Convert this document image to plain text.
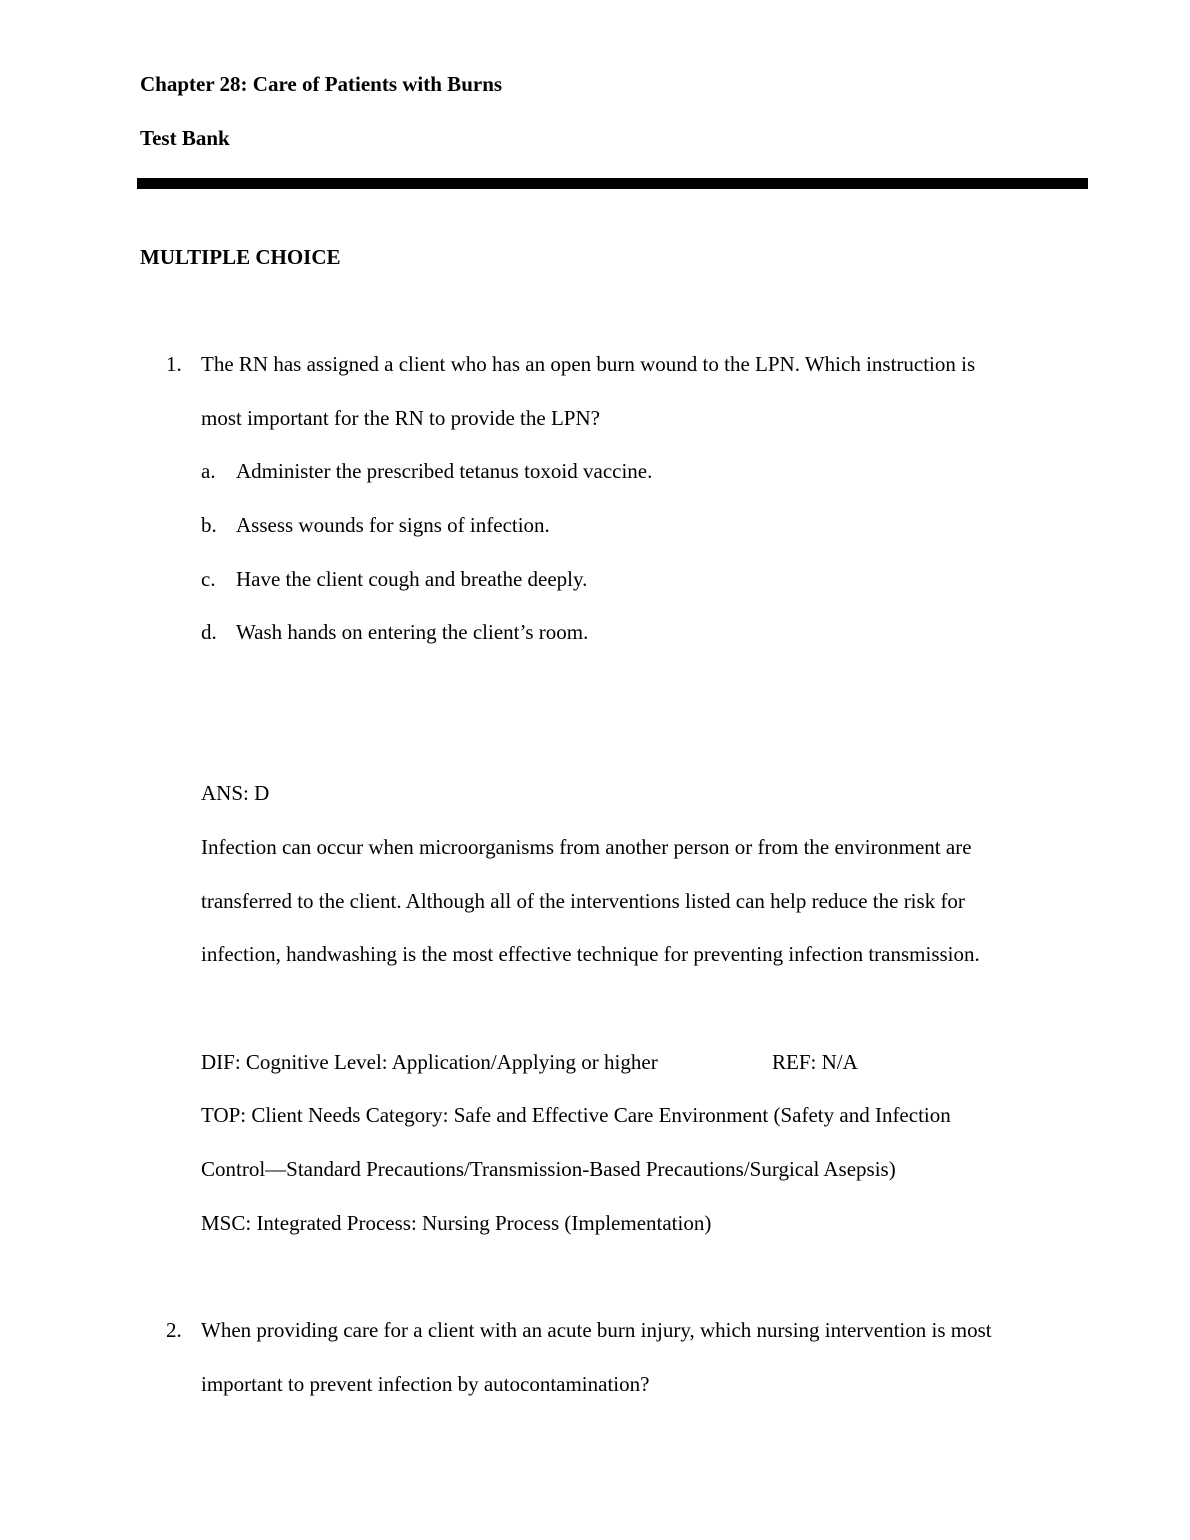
Chapter 28: Care of Patients with Burns
Test Bank
MULTIPLE CHOICE
1. The RN has assigned a client who has an open burn wound to the LPN. Which instruction is
most important for the RN to provide the LPN?
a. Administer the prescribed tetanus toxoid vaccine.
b. Assess wounds for signs of infection.
c. Have the client cough and breathe deeply.
d. Wash hands on entering the client’s room.
ANS: D
Infection can occur when microorganisms from another person or from the environment are
transferred to the client. Although all of the interventions listed can help reduce the risk for
infection, handwashing is the most effective technique for preventing infection transmission.
DIF: Cognitive Level: Application/Applying or higher	REF: N/A
TOP: Client Needs Category: Safe and Effective Care Environment (Safety and Infection
Control—Standard Precautions/Transmission-Based Precautions/Surgical Asepsis)
MSC: Integrated Process: Nursing Process (Implementation)
2. When providing care for a client with an acute burn injury, which nursing intervention is most
important to prevent infection by autocontamination?
